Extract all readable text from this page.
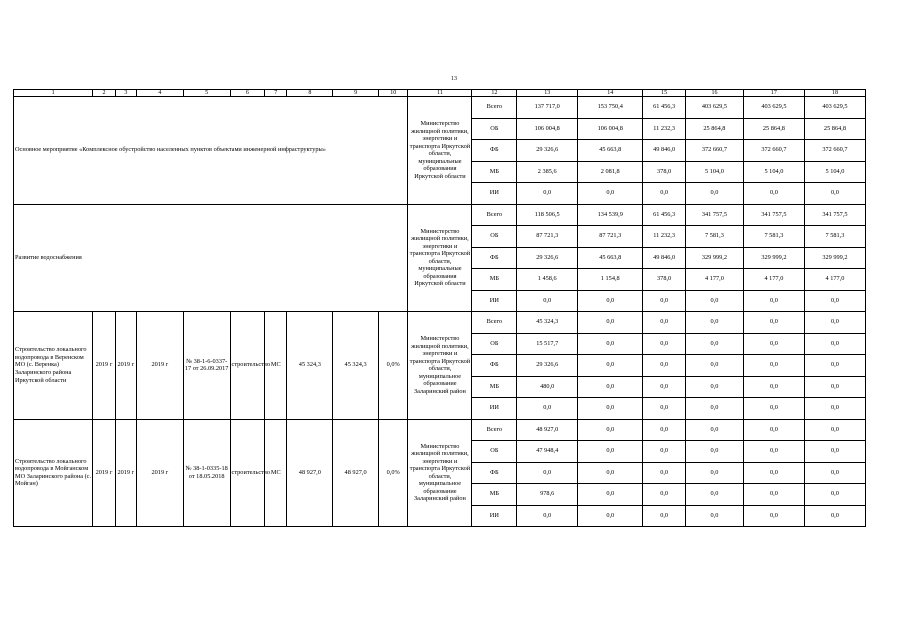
13
1	2	3	4	5	6	7	8	9	10	11	12	13	14	15	16	17	18
Основное мероприятие «Комплексное обустройство населенных пунктов объектами инженерной инфраструктуры»										Министерство жилищной политики, энергетики и транспорта Иркутской области, муниципальные образования Иркутской области	Всего	137 717,0	153 750,4	61 456,3	403 629,5	403 629,5	403 629,5
											ОБ	106 004,8	106 004,8	11 232,3	25 864,8	25 864,8	25 864,8
											ФБ	29 326,6	45 663,8	49 846,0	372 660,7	372 660,7	372 660,7
											МБ	2 385,6	2 081,8	378,0	5 104,0	5 104,0	5 104,0
											ИИ	0,0	0,0	0,0	0,0	0,0	0,0
Развитие водоснабжения										Министерство жилищной политики, энергетики и транспорта Иркутской области, муниципальные образования Иркутской области	Всего	118 506,5	134 539,9	61 456,3	341 757,5	341 757,5	341 757,5
											ОБ	87 721,3	87 721,3	11 232,3	7 581,3	7 581,3	7 581,3
											ФБ	29 326,6	45 663,8	49 846,0	329 999,2	329 999,2	329 999,2
											МБ	1 458,6	1 154,8	378,0	4 177,0	4 177,0	4 177,0
											ИИ	0,0	0,0	0,0	0,0	0,0	0,0
Строительство локального водопровода в Веренском МО (с. Веренка) Заларинского района Иркутской области	2019 г	2019 г	2019 г	№ 38-1-6-0337-17 от 26.09.2017	строительство	МС	45 324,3	45 324,3	0,0%	Министерство жилищной политики, энергетики и транспорта Иркутской области, муниципальное образование Заларинский район	Всего	45 324,3	0,0	0,0	0,0	0,0	0,0
											ОБ	15 517,7	0,0	0,0	0,0	0,0	0,0
											ФБ	29 326,6	0,0	0,0	0,0	0,0	0,0
											МБ	480,0	0,0	0,0	0,0	0,0	0,0
											ИИ	0,0	0,0	0,0	0,0	0,0	0,0
Строительство локального водопровода в Мойганском МО Заларинского района (с. Мойган)	2019 г	2019 г	2019 г	№ 38-1-0335-18 от 18.05.2018	строительство	МС	48 927,0	48 927,0	0,0%	Министерство жилищной политики, энергетики и транспорта Иркутской области, муниципальное образование Заларинский район	Всего	48 927,0	0,0	0,0	0,0	0,0	0,0
											ОБ	47 948,4	0,0	0,0	0,0	0,0	0,0
											ФБ	0,0	0,0	0,0	0,0	0,0	0,0
											МБ	978,6	0,0	0,0	0,0	0,0	0,0
											ИИ	0,0	0,0	0,0	0,0	0,0	0,0
